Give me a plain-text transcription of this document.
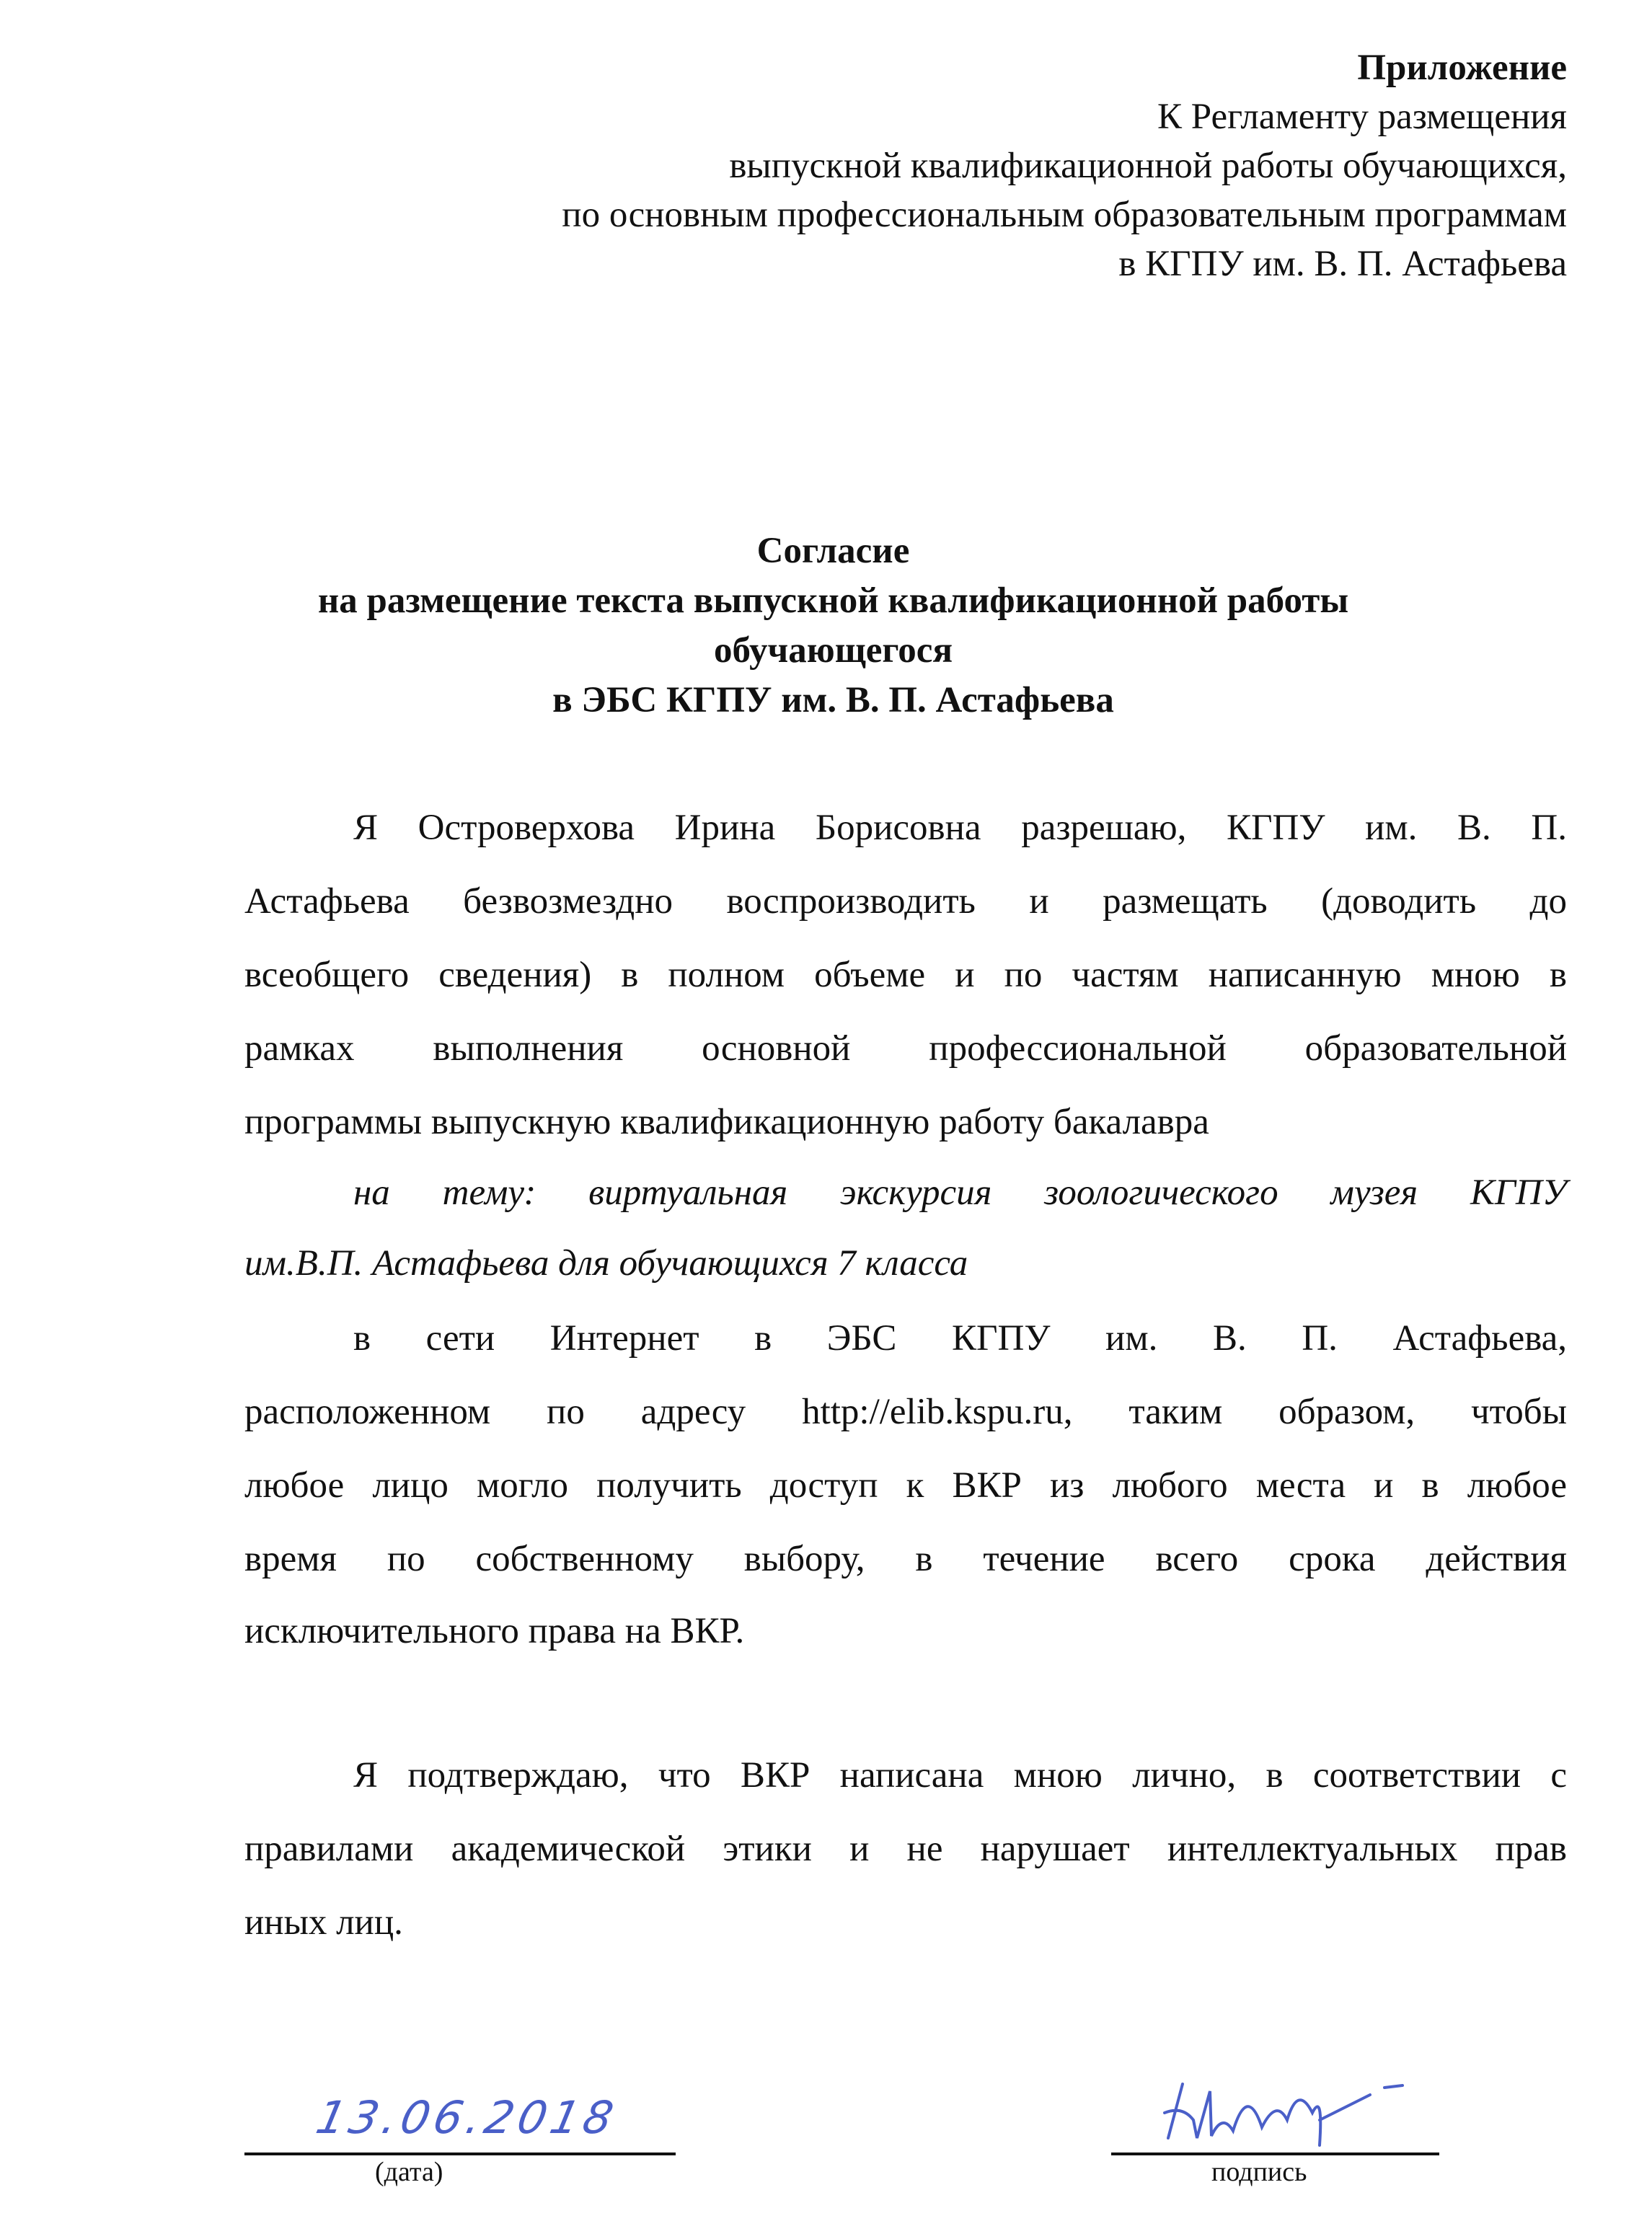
Приложение
К Регламенту размещения
выпускной квалификационной работы обучающихся,
по основным профессиональным образовательным программам
в КГПУ им. В. П. Астафьева
Согласие
на размещение текста выпускной квалификационной работы
обучающегося
в ЭБС КГПУ им. В. П. Астафьева
Я Островерхова Ирина Борисовна разрешаю, КГПУ им. В. П.
Астафьева безвозмездно воспроизводить и размещать (доводить до
всеобщего сведения) в полном объеме и по частям написанную мною в
рамках выполнения основной профессиональной образовательной
программы выпускную квалификационную работу бакалавра
на тему: виртуальная экскурсия зоологического музея КГПУ
им.В.П. Астафьева для обучающихся 7 класса
в сети Интернет в ЭБС КГПУ им. В. П. Астафьева,
расположенном по адресу http://elib.kspu.ru, таким образом, чтобы
любое лицо могло получить доступ к ВКР из любого места и в любое
время по собственному выбору, в течение всего срока действия
исключительного права на ВКР.
Я подтверждаю, что ВКР написана мною лично, в соответствии с
правилами академической этики и не нарушает интеллектуальных прав
иных лиц.
13.06.2018
(дата)	подпись
